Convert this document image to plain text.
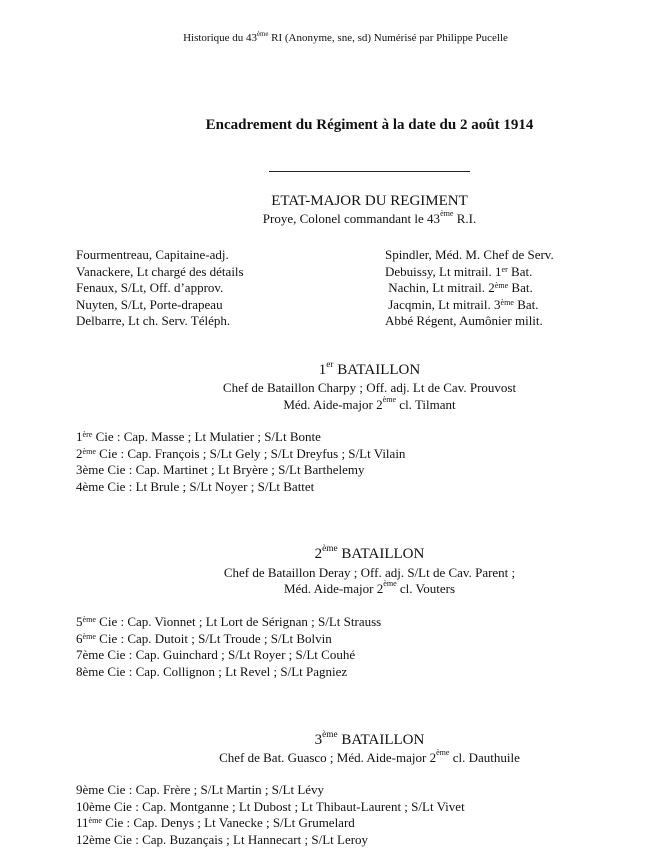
Historique du 43ème RI (Anonyme, sne, sd) Numérisé par Philippe Pucelle
Encadrement du Régiment à la date du 2 août 1914
ETAT-MAJOR DU REGIMENT
Proye, Colonel commandant le 43ème R.I.
Fourmentreau, Capitaine-adj.
Vanackere, Lt chargé des détails
Fenaux, S/Lt, Off. d’approv.
Nuyten, S/Lt, Porte-drapeau
Delbarre, Lt ch. Serv. Téléph.
Spindler, Méd. M. Chef de Serv.
Debuissy, Lt mitrail. 1er Bat.
Nachin, Lt mitrail. 2ème Bat.
Jacqmin, Lt mitrail. 3ème Bat.
Abbé Régent, Aumônier milit.
1er BATAILLON
Chef de Bataillon Charpy ; Off. adj. Lt de Cav. Prouvost
Méd. Aide-major 2ème cl. Tilmant
1ère Cie : Cap. Masse ; Lt Mulatier ; S/Lt Bonte
2ème Cie : Cap. François ; S/Lt Gely ; S/Lt Dreyfus ; S/Lt Vilain
3ème Cie : Cap. Martinet ; Lt Bryère ; S/Lt Barthelemy
4ème Cie : Lt Brule ; S/Lt Noyer ; S/Lt Battet
2ème BATAILLON
Chef de Bataillon Deray ; Off. adj. S/Lt de Cav. Parent ;
Méd. Aide-major 2ème cl. Vouters
5ème Cie : Cap. Vionnet ; Lt Lort de Sérignan ; S/Lt Strauss
6ème Cie : Cap. Dutoit ; S/Lt Troude ; S/Lt Bolvin
7ème Cie : Cap. Guinchard ; S/Lt Royer ; S/Lt Couhé
8ème Cie : Cap. Collignon ; Lt Revel ; S/Lt Pagniez
3ème BATAILLON
Chef de Bat. Guasco ; Méd. Aide-major 2ème cl. Dauthuile
9ème Cie : Cap. Frère ; S/Lt Martin ; S/Lt Lévy
10ème Cie : Cap. Montganne ; Lt Dubost ; Lt Thibaut-Laurent ; S/Lt Vivet
11ème Cie : Cap. Denys ; Lt Vanecke ; S/Lt Grumelard
12ème Cie : Cap. Buzançais ; Lt Hannecart ; S/Lt Leroy
